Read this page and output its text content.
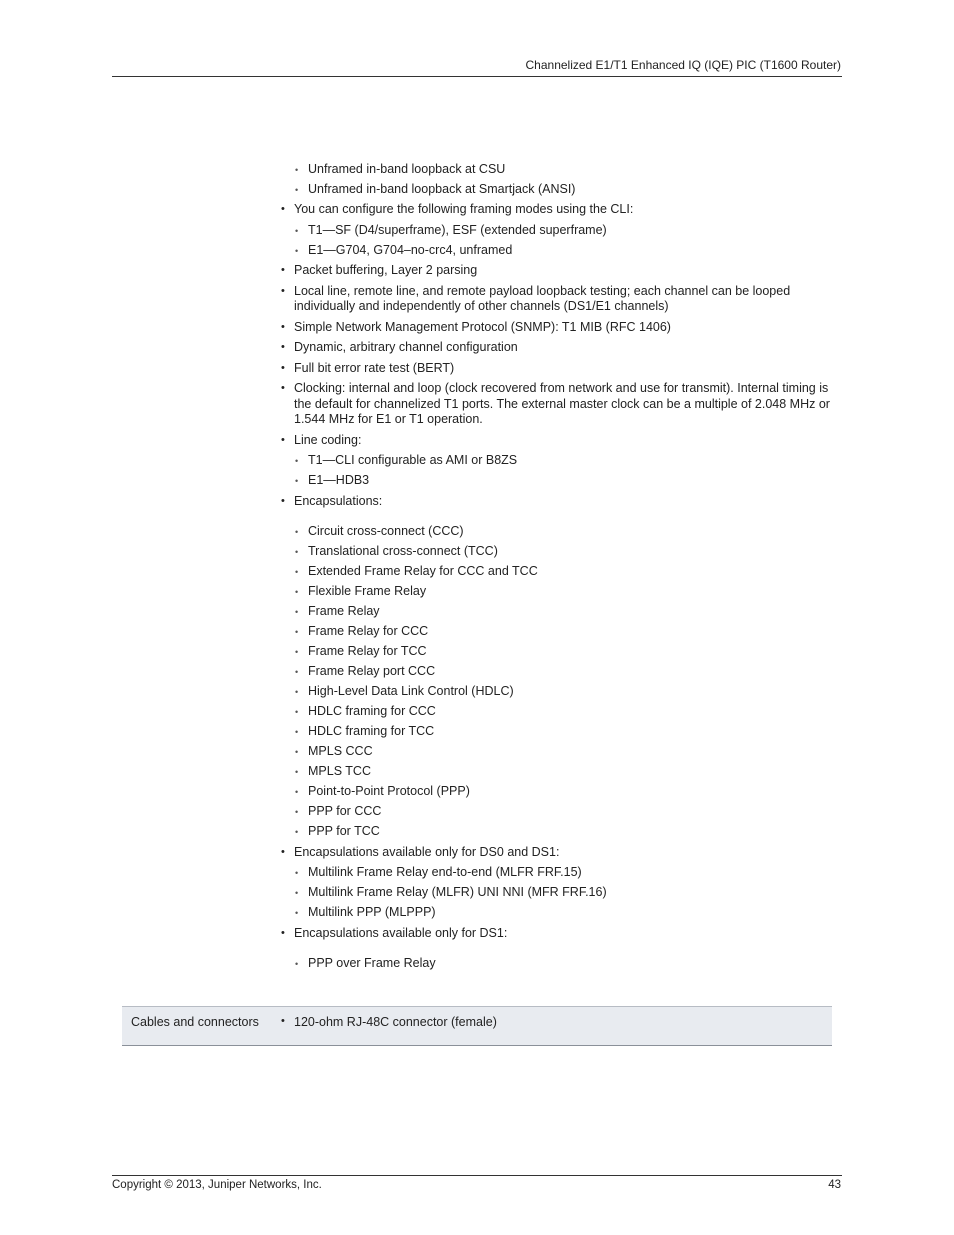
Channelized E1/T1 Enhanced IQ (IQE) PIC (T1600 Router)
• Unframed in-band loopback at CSU
• Unframed in-band loopback at Smartjack (ANSI)
• You can configure the following framing modes using the CLI:
• T1—SF (D4/superframe), ESF (extended superframe)
• E1—G704, G704–no-crc4, unframed
• Packet buffering, Layer 2 parsing
• Local line, remote line, and remote payload loopback testing; each channel can be looped individually and independently of other channels (DS1/E1 channels)
• Simple Network Management Protocol (SNMP): T1 MIB (RFC 1406)
• Dynamic, arbitrary channel configuration
• Full bit error rate test (BERT)
• Clocking: internal and loop (clock recovered from network and use for transmit). Internal timing is the default for channelized T1 ports. The external master clock can be a multiple of 2.048 MHz or 1.544 MHz for E1 or T1 operation.
• Line coding:
• T1—CLI configurable as AMI or B8ZS
• E1—HDB3
• Encapsulations:
• Circuit cross-connect (CCC)
• Translational cross-connect (TCC)
• Extended Frame Relay for CCC and TCC
• Flexible Frame Relay
• Frame Relay
• Frame Relay for CCC
• Frame Relay for TCC
• Frame Relay port CCC
• High-Level Data Link Control (HDLC)
• HDLC framing for CCC
• HDLC framing for TCC
• MPLS CCC
• MPLS TCC
• Point-to-Point Protocol (PPP)
• PPP for CCC
• PPP for TCC
• Encapsulations available only for DS0 and DS1:
• Multilink Frame Relay end-to-end (MLFR FRF.15)
• Multilink Frame Relay (MLFR) UNI NNI (MFR FRF.16)
• Multilink PPP (MLPPP)
• Encapsulations available only for DS1:
• PPP over Frame Relay
Cables and connectors
•	120-ohm RJ-48C connector (female)
Copyright © 2013, Juniper Networks, Inc.	43
